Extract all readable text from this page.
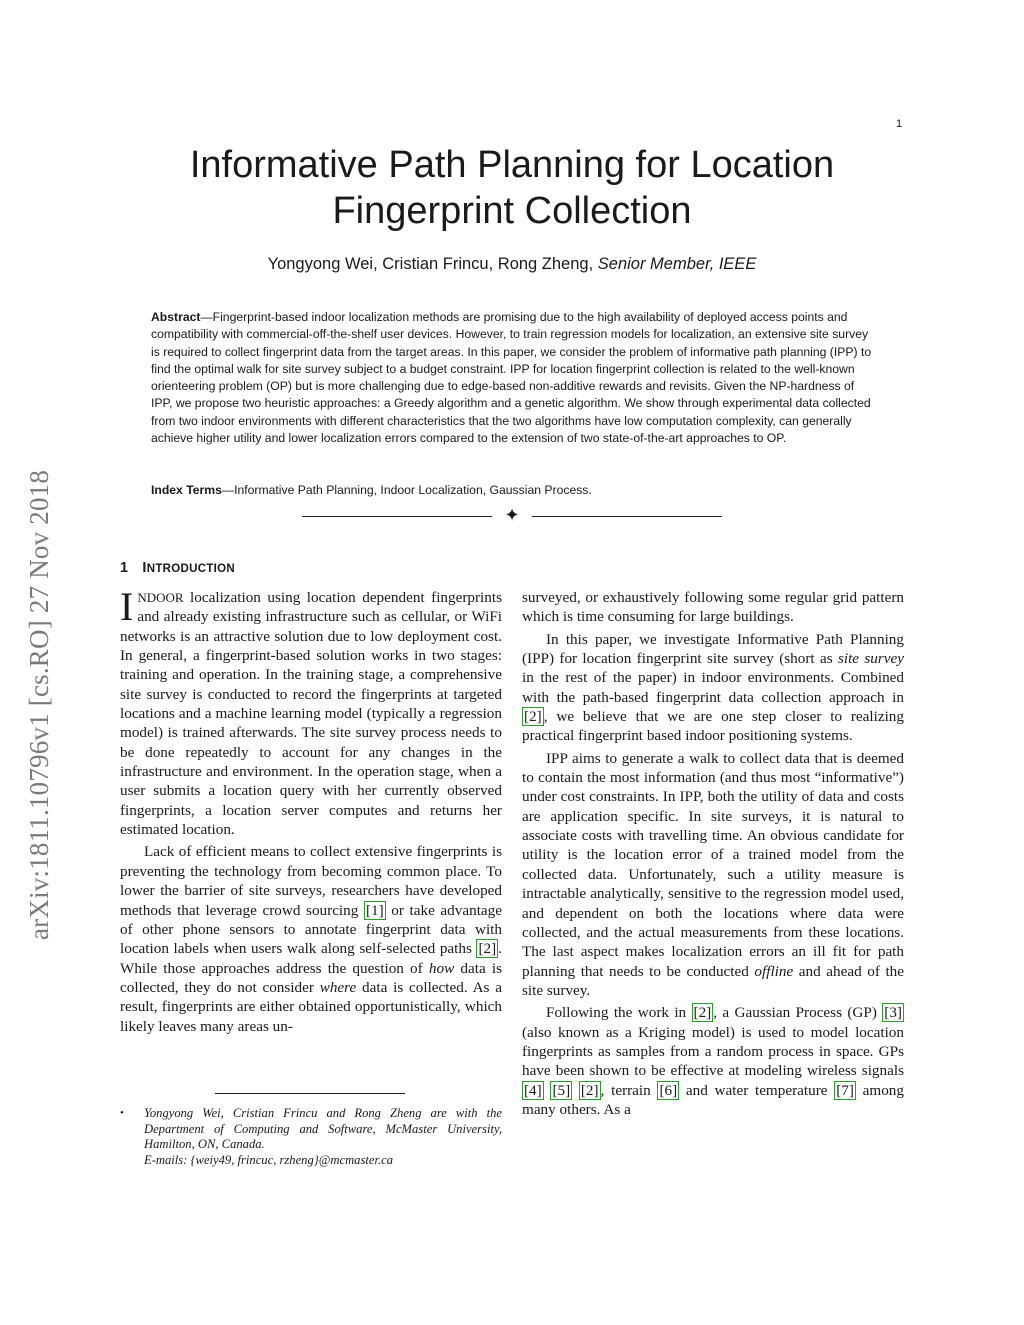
1
arXiv:1811.10796v1 [cs.RO] 27 Nov 2018
Informative Path Planning for Location Fingerprint Collection
Yongyong Wei, Cristian Frincu, Rong Zheng, Senior Member, IEEE
Abstract—Fingerprint-based indoor localization methods are promising due to the high availability of deployed access points and compatibility with commercial-off-the-shelf user devices. However, to train regression models for localization, an extensive site survey is required to collect fingerprint data from the target areas. In this paper, we consider the problem of informative path planning (IPP) to find the optimal walk for site survey subject to a budget constraint. IPP for location fingerprint collection is related to the well-known orienteering problem (OP) but is more challenging due to edge-based non-additive rewards and revisits. Given the NP-hardness of IPP, we propose two heuristic approaches: a Greedy algorithm and a genetic algorithm. We show through experimental data collected from two indoor environments with different characteristics that the two algorithms have low computation complexity, can generally achieve higher utility and lower localization errors compared to the extension of two state-of-the-art approaches to OP.
Index Terms—Informative Path Planning, Indoor Localization, Gaussian Process.
✦
1 INTRODUCTION

INDOOR localization using location dependent fingerprints and already existing infrastructure such as cellular, or WiFi networks is an attractive solution due to low deployment cost. In general, a fingerprint-based solution works in two stages: training and operation. In the training stage, a comprehensive site survey is conducted to record the fingerprints at targeted locations and a machine learning model (typically a regression model) is trained afterwards. The site survey process needs to be done repeatedly to account for any changes in the infrastructure and environment. In the operation stage, when a user submits a location query with her currently observed fingerprints, a location server computes and returns her estimated location.

Lack of efficient means to collect extensive fingerprints is preventing the technology from becoming common place. To lower the barrier of site surveys, researchers have developed methods that leverage crowd sourcing [1] or take advantage of other phone sensors to annotate fingerprint data with location labels when users walk along self-selected paths [2] . While those approaches address the question of how data is collected, they do not consider where data is collected. As a result, fingerprints are either obtained opportunistically, which likely leaves many areas un-

surveyed, or exhaustively following some regular grid pattern which is time consuming for large buildings.

In this paper, we investigate Informative Path Planning (IPP) for location fingerprint site survey (short as site survey in the rest of the paper) in indoor environments. Combined with the path-based fingerprint data collection approach in [2] , we believe that we are one step closer to realizing practical fingerprint based indoor positioning systems.

IPP aims to generate a walk to collect data that is deemed to contain the most information (and thus most “informative”) under cost constraints. In IPP, both the utility of data and costs are application specific. In site surveys, it is natural to associate costs with travelling time. An obvious candidate for utility is the location error of a trained model from the collected data. Unfortunately, such a utility measure is intractable analytically, sensitive to the regression model used, and dependent on both the locations where data were collected, and the actual measurements from these locations. The last aspect makes localization errors an ill fit for path planning that needs to be conducted offline and ahead of the site survey.

Following the work in [2] , a Gaussian Process (GP) [3] (also known as a Kriging model) is used to model location fingerprints as samples from a random process in space. GPs have been shown to be effective at modeling wireless signals [4] [5] [2] , terrain [6] and water temperature [7] among many others. As a

• Yongyong Wei, Cristian Frincu and Rong Zheng are with the Department of Computing and Software, McMaster University, Hamilton, ON, Canada.
E-mails: {weiy49, frincuc, rzheng}@mcmaster.ca
